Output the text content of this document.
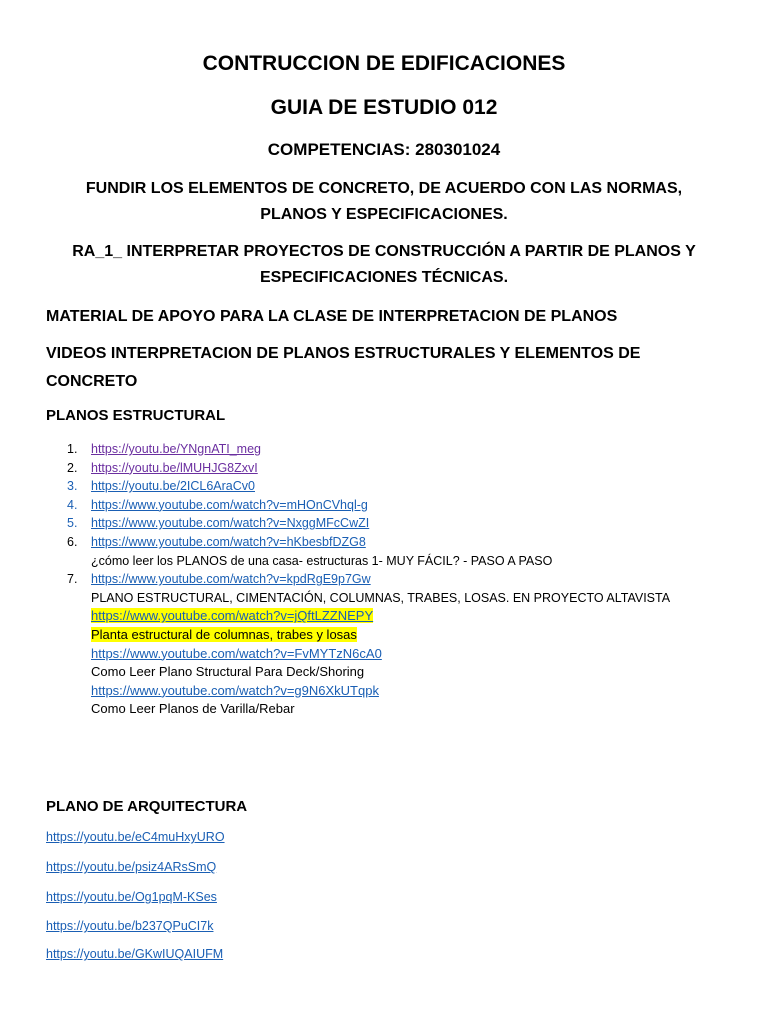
CONTRUCCION DE EDIFICACIONES
GUIA DE ESTUDIO 012
COMPETENCIAS: 280301024
FUNDIR LOS ELEMENTOS DE CONCRETO, DE ACUERDO CON LAS NORMAS,
PLANOS Y ESPECIFICACIONES.
RA_1_ INTERPRETAR PROYECTOS DE CONSTRUCCIÓN A PARTIR DE PLANOS Y
ESPECIFICACIONES TÉCNICAS.
MATERIAL DE APOYO PARA LA CLASE DE INTERPRETACION DE PLANOS
VIDEOS INTERPRETACION DE PLANOS ESTRUCTURALES Y ELEMENTOS DE
CONCRETO
PLANOS ESTRUCTURAL
1. https://youtu.be/YNgnATI_meg
2. https://youtu.be/lMUHJG8ZxvI
3. https://youtu.be/2ICL6AraCv0
4. https://www.youtube.com/watch?v=mHOnCVhql-g
5. https://www.youtube.com/watch?v=NxggMFcCwZI
6. https://www.youtube.com/watch?v=hKbesbfDZG8
¿cómo leer los PLANOS de una casa- estructuras 1- MUY FÁCIL? - PASO A PASO
7. https://www.youtube.com/watch?v=kpdRgE9p7Gw
PLANO ESTRUCTURAL, CIMENTACIÓN, COLUMNAS, TRABES, LOSAS. EN PROYECTO ALTAVISTA
https://www.youtube.com/watch?v=jQftLZZNEPY
Planta estructural de columnas, trabes y losas
https://www.youtube.com/watch?v=FvMYTzN6cA0
Como Leer Plano Structural Para Deck/Shoring
https://www.youtube.com/watch?v=g9N6XkUTqpk
Como Leer Planos de Varilla/Rebar
PLANO DE ARQUITECTURA
https://youtu.be/eC4muHxyURO
https://youtu.be/psiz4ARsSmQ
https://youtu.be/Og1pqM-KSes
https://youtu.be/b237QPuCI7k
https://youtu.be/GKwIUQAIUFM
